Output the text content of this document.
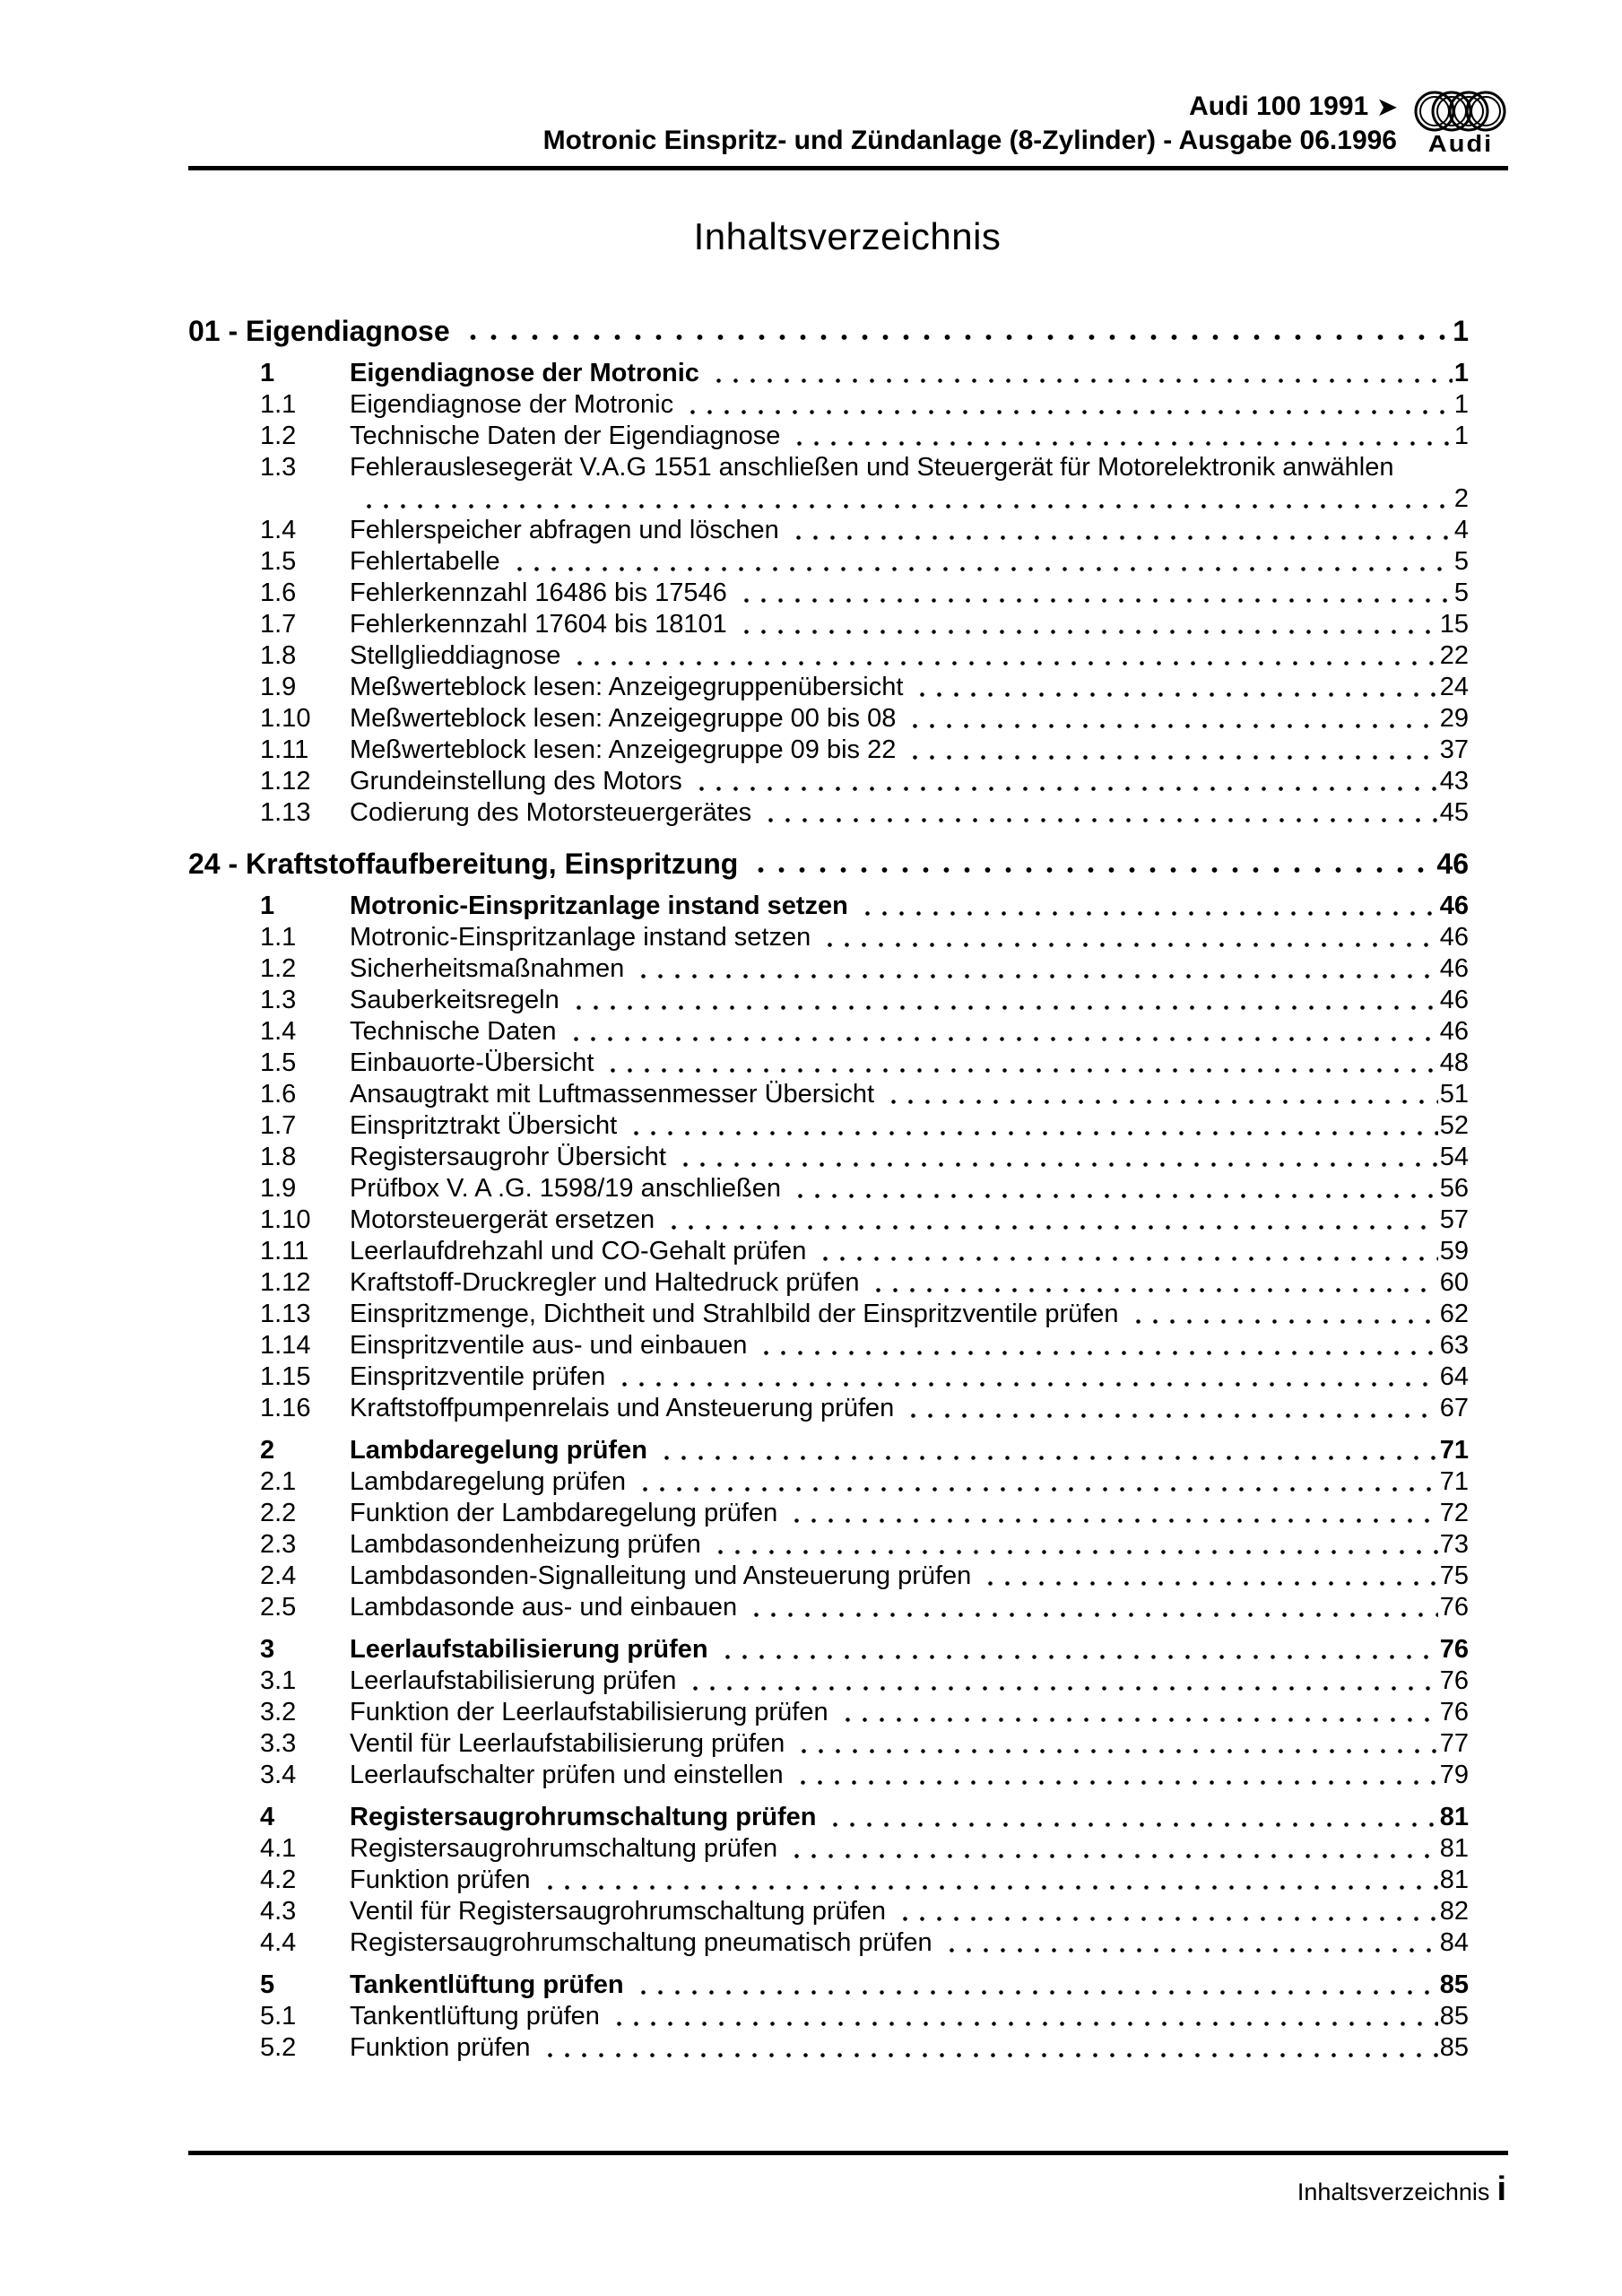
Audi 100 1991 ➤
Motronic Einspritz- und Zündanlage (8-Zylinder) - Ausgabe 06.1996	Audi
Inhaltsverzeichnis
01 - Eigendiagnose	1
1	Eigendiagnose der Motronic	1
1.1	Eigendiagnose der Motronic	1
1.2	Technische Daten der Eigendiagnose	1
1.3	Fehlerauslesegerät V.A.G 1551 anschließen und Steuergerät für Motorelektronik anwählen
2
1.4	Fehlerspeicher abfragen und löschen	4
1.5	Fehlertabelle	5
1.6	Fehlerkennzahl 16486 bis 17546	5
1.7	Fehlerkennzahl 17604 bis 18101	15
1.8	Stellglieddiagnose	22
1.9	Meßwerteblock lesen: Anzeigegruppenübersicht	24
1.10	Meßwerteblock lesen: Anzeigegruppe 00 bis 08	29
1.11	Meßwerteblock lesen: Anzeigegruppe 09 bis 22	37
1.12	Grundeinstellung des Motors	43
1.13	Codierung des Motorsteuergerätes	45
24 - Kraftstoffaufbereitung, Einspritzung	46
1	Motronic-Einspritzanlage instand setzen	46
1.1	Motronic-Einspritzanlage instand setzen	46
1.2	Sicherheitsmaßnahmen	46
1.3	Sauberkeitsregeln	46
1.4	Technische Daten	46
1.5	Einbauorte-Übersicht	48
1.6	Ansaugtrakt mit Luftmassenmesser Übersicht	51
1.7	Einspritztrakt Übersicht	52
1.8	Registersaugrohr Übersicht	54
1.9	Prüfbox V. A .G. 1598/19 anschließen	56
1.10	Motorsteuergerät ersetzen	57
1.11	Leerlaufdrehzahl und CO-Gehalt prüfen	59
1.12	Kraftstoff-Druckregler und Haltedruck prüfen	60
1.13	Einspritzmenge, Dichtheit und Strahlbild der Einspritzventile prüfen	62
1.14	Einspritzventile aus- und einbauen	63
1.15	Einspritzventile prüfen	64
1.16	Kraftstoffpumpenrelais und Ansteuerung prüfen	67
2	Lambdaregelung prüfen	71
2.1	Lambdaregelung prüfen	71
2.2	Funktion der Lambdaregelung prüfen	72
2.3	Lambdasondenheizung prüfen	73
2.4	Lambdasonden-Signalleitung und Ansteuerung prüfen	75
2.5	Lambdasonde aus- und einbauen	76
3	Leerlaufstabilisierung prüfen	76
3.1	Leerlaufstabilisierung prüfen	76
3.2	Funktion der Leerlaufstabilisierung prüfen	76
3.3	Ventil für Leerlaufstabilisierung prüfen	77
3.4	Leerlaufschalter prüfen und einstellen	79
4	Registersaugrohrumschaltung prüfen	81
4.1	Registersaugrohrumschaltung prüfen	81
4.2	Funktion prüfen	81
4.3	Ventil für Registersaugrohrumschaltung prüfen	82
4.4	Registersaugrohrumschaltung pneumatisch prüfen	84
5	Tankentlüftung prüfen	85
5.1	Tankentlüftung prüfen	85
5.2	Funktion prüfen	85
Inhaltsverzeichnis i
